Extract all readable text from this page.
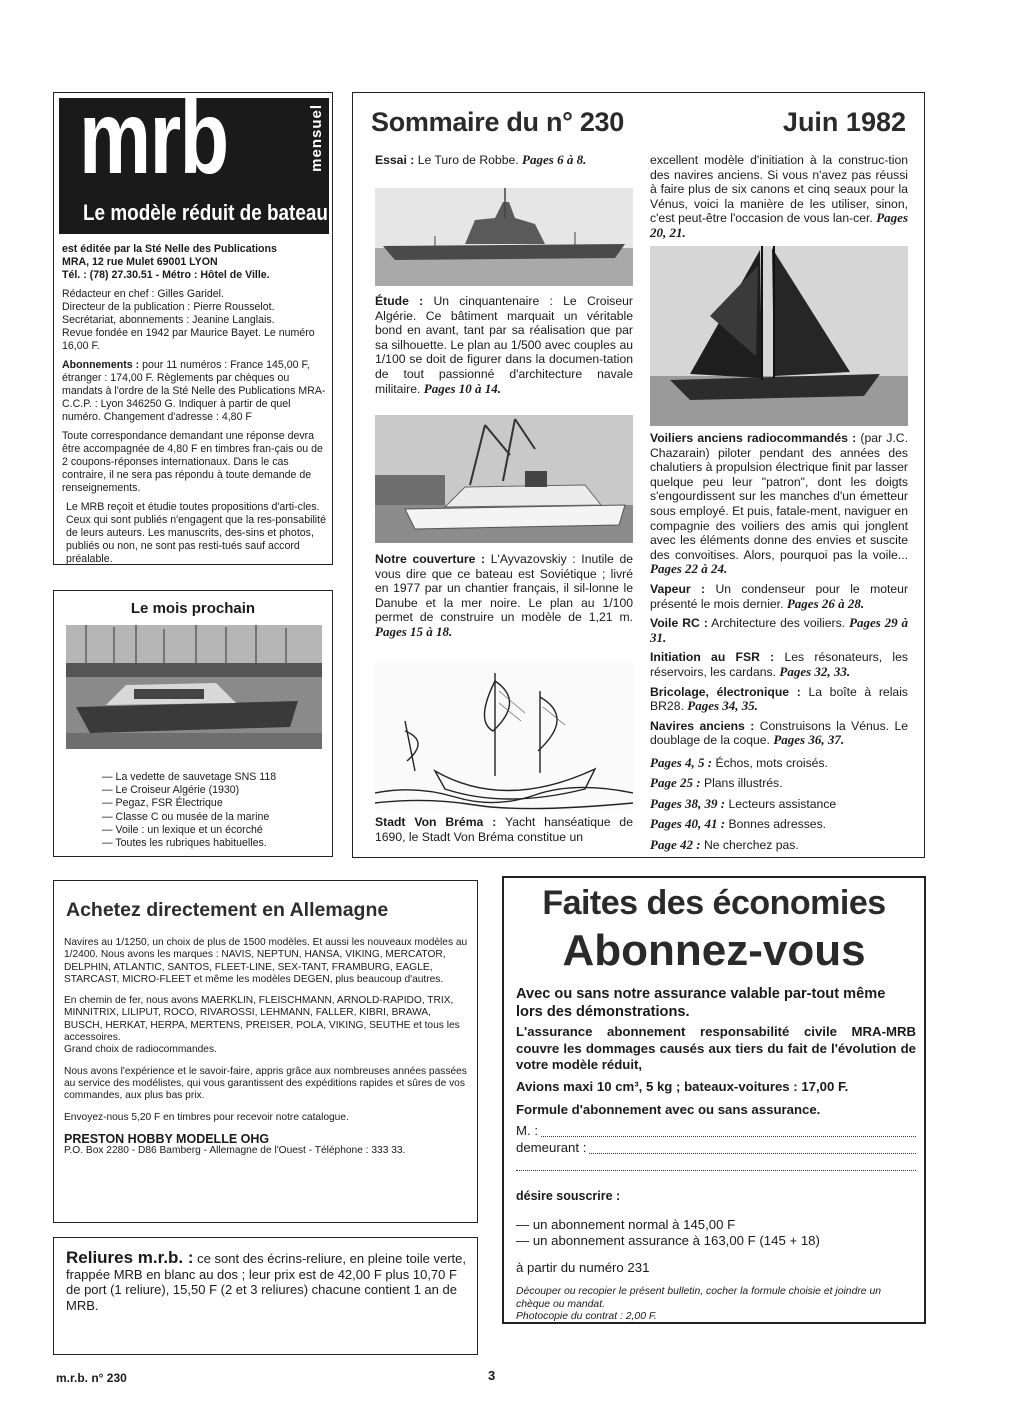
mrb	mensuel
Le modèle réduit de bateau

est éditée par la Sté Nelle des Publications
MRA, 12 rue Mulet 69001 LYON
Tél. : (78) 27.30.51 - Métro : Hôtel de Ville.

Rédacteur en chef : Gilles Garidel.
Directeur de la publication : Pierre Rousselot.
Secrétariat, abonnements : Jeanine Langlais.
Revue fondée en 1942 par Maurice Bayet. Le numéro 16,00 F.

Abonnements : pour 11 numéros : France 145,00 F, étranger : 174,00 F. Règlements par chèques ou mandats à l'ordre de la Sté Nelle des Publications MRA-C.C.P. : Lyon 346250 G. Indiquer à partir de quel numéro. Changement d'adresse : 4,80 F

Toute correspondance demandant une réponse devra être accompagnée de 4,80 F en timbres fran-çais ou de 2 coupons-réponses internationaux. Dans le cas contraire, il ne sera pas répondu à toute demande de renseignements.

Le MRB reçoit et étudie toutes propositions d'arti-cles. Ceux qui sont publiés n'engagent que la res-ponsabilité de leurs auteurs. Les manuscrits, des-sins et photos, publiés ou non, ne sont pas resti-tués sauf accord préalable.

Le mois prochain
— La vedette de sauvetage SNS 118
— Le Croiseur Algérie (1930)
— Pegaz, FSR Électrique
— Classe C ou musée de la marine
— Voile : un lexique et un écorché
— Toutes les rubriques habituelles.
Sommaire du n° 230	Juin 1982
Essai : Le Turo de Robbe. Pages 6 à 8.
Étude : Un cinquantenaire : Le Croiseur Algérie. Ce bâtiment marquait un véritable bond en avant, tant par sa réalisation que par sa silhouette. Le plan au 1/500 avec couples au 1/100 se doit de figurer dans la documen-tation de tout passionné d'architecture navale militaire. Pages 10 à 14.
Notre couverture : L'Ayvazovskiy : Inutile de vous dire que ce bateau est Soviétique ; livré en 1977 par un chantier français, il sil-lonne le Danube et la mer noire. Le plan au 1/100 permet de construire un modèle de 1,21 m. Pages 15 à 18.
Stadt Von Bréma : Yacht hanséatique de 1690, le Stadt Von Bréma constitue un
excellent modèle d'initiation à la construc-tion des navires anciens. Si vous n'avez pas réussi à faire plus de six canons et cinq seaux pour la Vénus, voici la manière de les utiliser, sinon, c'est peut-être l'occasion de vous lan-cer. Pages 20, 21.

Voiliers anciens radiocommandés : (par J.C. Chazarain) piloter pendant des années des chalutiers à propulsion électrique finit par lasser quelque peu leur "patron", dont les doigts s'engourdissent sur les manches d'un émetteur sous employé. Et puis, fatale-ment, naviguer en compagnie des voiliers des amis qui jonglent avec les éléments donne des envies et suscite des convoitises. Alors, pourquoi pas la voile... Pages 22 à 24.

Vapeur : Un condenseur pour le moteur présenté le mois dernier. Pages 26 à 28.

Voile RC : Architecture des voiliers. Pages 29 à 31.

Initiation au FSR : Les résonateurs, les réservoirs, les cardans. Pages 32, 33.

Bricolage, électronique : La boîte à relais BR28. Pages 34, 35.

Navires anciens : Construisons la Vénus. Le doublage de la coque. Pages 36, 37.

Pages 4, 5 : Échos, mots croisés.
Page 25 : Plans illustrés.
Pages 38, 39 : Lecteurs assistance
Pages 40, 41 : Bonnes adresses.
Page 42 : Ne cherchez pas.

Achetez directement en Allemagne

Navires au 1/1250, un choix de plus de 1500 modèles. Et aussi les nouveaux modèles au 1/2400. Nous avons les marques : NAVIS, NEPTUN, HANSA, VIKING, MERCATOR, DELPHIN, ATLANTIC, SANTOS, FLEET-LINE, SEX-TANT, FRAMBURG, EAGLE, STARCAST, MICRO-FLEET et même les modèles DEGEN, plus beaucoup d'autres.

En chemin de fer, nous avons MAERKLIN, FLEISCHMANN, ARNOLD-RAPIDO, TRIX, MINNITRIX, LILIPUT, ROCO, RIVAROSSI, LEHMANN, FALLER, KIBRI, BRAWA, BUSCH, HERKAT, HERPA, MERTENS, PREISER, POLA, VIKING, SEUTHE et tous les accessoires.
Grand choix de radiocommandes.

Nous avons l'expérience et le savoir-faire, appris grâce aux nombreuses années passées au service des modélistes, qui vous garantissent des expéditions rapides et sûres de vos commandes, aux plus bas prix.

Envoyez-nous 5,20 F en timbres pour recevoir notre catalogue.

PRESTON HOBBY MODELLE OHG

P.O. Box 2280 - D86 Bamberg - Allemagne de l'Ouest - Téléphone : 333 33.

Reliures m.r.b. : ce sont des écrins-reliure, en pleine toile verte, frappée MRB en blanc au dos ; leur prix est de 42,00 F plus 10,70 F de port (1 reliure), 15,50 F (2 et 3 reliures) chacune contient 1 an de MRB.
Faites des économies
Abonnez-vous

Avec ou sans notre assurance valable par-tout même lors des démonstrations.

L'assurance abonnement responsabilité civile MRA-MRB couvre les dommages causés aux tiers du fait de l'évolution de votre modèle réduit,

Avions maxi 10 cm³, 5 kg ; bateaux-voitures : 17,00 F.

Formule d'abonnement avec ou sans assurance.

M. :
demeurant :

désire souscrire :

— un abonnement normal à 145,00 F

— un abonnement assurance à 163,00 F (145 + 18)

à partir du numéro 231

Découper ou recopier le présent bulletin, cocher la formule choisie et joindre un chèque ou mandat.
Photocopie du contrat : 2,00 F.

m.r.b. n° 230	3
